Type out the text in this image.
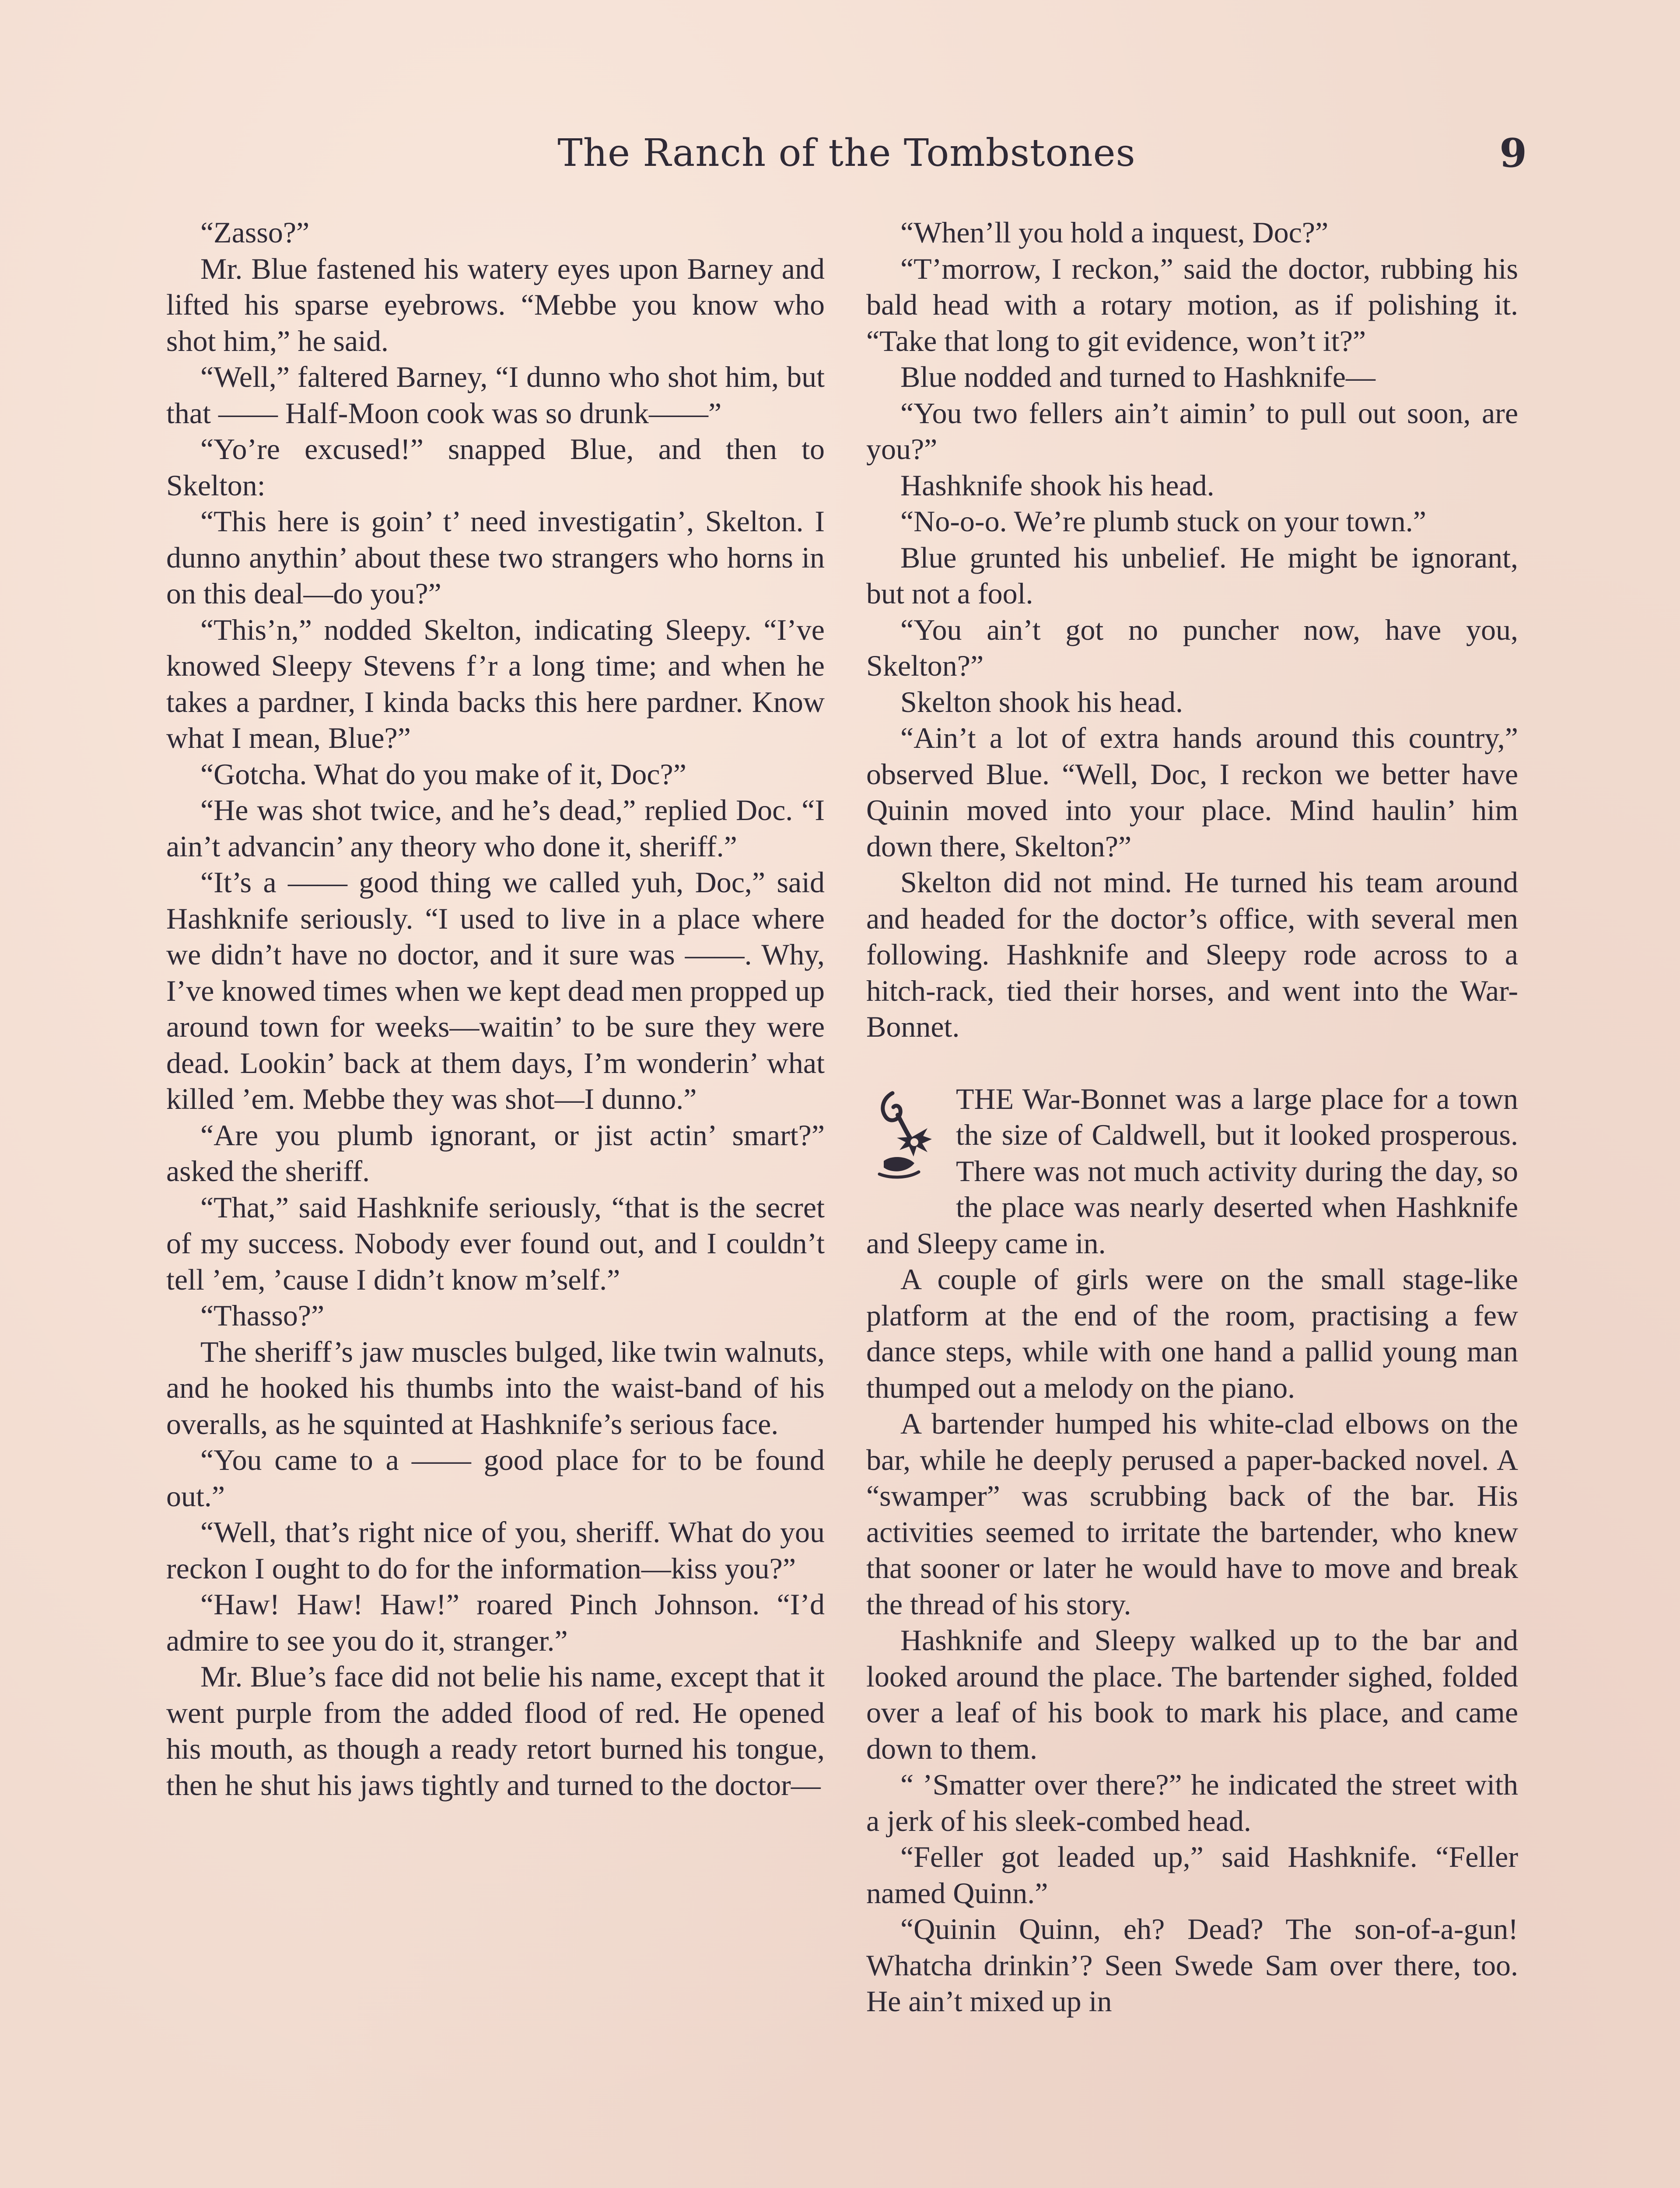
The Ranch of the Tombstones	9

“Zasso?”

Mr. Blue fastened his watery eyes upon Barney and lifted his sparse eyebrows. “Mebbe you know who shot him,” he said.

“Well,” faltered Barney, “I dunno who shot him, but that —— Half-Moon cook was so drunk——”

“Yo’re excused!” snapped Blue, and then to Skelton:

“This here is goin’ t’ need investigatin’, Skelton. I dunno anythin’ about these two strangers who horns in on this deal—do you?”

“This’n,” nodded Skelton, indicating Sleepy. “I’ve knowed Sleepy Stevens f’r a long time; and when he takes a pardner, I kinda backs this here pardner. Know what I mean, Blue?”

“Gotcha. What do you make of it, Doc?”

“He was shot twice, and he’s dead,” replied Doc. “I ain’t advancin’ any theory who done it, sheriff.”

“It’s a —— good thing we called yuh, Doc,” said Hashknife seriously. “I used to live in a place where we didn’t have no doctor, and it sure was ——. Why, I’ve knowed times when we kept dead men propped up around town for weeks—waitin’ to be sure they were dead. Lookin’ back at them days, I’m wonderin’ what killed ’em. Mebbe they was shot—I dunno.”

“Are you plumb ignorant, or jist actin’ smart?” asked the sheriff.

“That,” said Hashknife seriously, “that is the secret of my success. Nobody ever found out, and I couldn’t tell ’em, ’cause I didn’t know m’self.”

“Thasso?”

The sheriff’s jaw muscles bulged, like twin walnuts, and he hooked his thumbs into the waist-band of his overalls, as he squinted at Hashknife’s serious face.

“You came to a —— good place for to be found out.”

“Well, that’s right nice of you, sheriff. What do you reckon I ought to do for the information—kiss you?”

“Haw! Haw! Haw!” roared Pinch Johnson. “I’d admire to see you do it, stranger.”

Mr. Blue’s face did not belie his name, except that it went purple from the added flood of red. He opened his mouth, as though a ready retort burned his tongue, then he shut his jaws tightly and turned to the doctor—

“When’ll you hold a inquest, Doc?”

“T’morrow, I reckon,” said the doctor, rubbing his bald head with a rotary motion, as if polishing it. “Take that long to git evidence, won’t it?”

Blue nodded and turned to Hashknife—

“You two fellers ain’t aimin’ to pull out soon, are you?”

Hashknife shook his head.

“No-o-o. We’re plumb stuck on your town.”

Blue grunted his unbelief. He might be ignorant, but not a fool.

“You ain’t got no puncher now, have you, Skelton?”

Skelton shook his head.

“Ain’t a lot of extra hands around this country,” observed Blue. “Well, Doc, I reckon we better have Quinin moved into your place. Mind haulin’ him down there, Skelton?”

Skelton did not mind. He turned his team around and headed for the doctor’s office, with several men following. Hashknife and Sleepy rode across to a hitch-rack, tied their horses, and went into the War-Bonnet.

THE War-Bonnet was a large place for a town the size of Caldwell, but it looked prosperous. There was not much activity during the day, so the place was nearly deserted when Hashknife and Sleepy came in.

A couple of girls were on the small stage-like platform at the end of the room, practising a few dance steps, while with one hand a pallid young man thumped out a melody on the piano.

A bartender humped his white-clad elbows on the bar, while he deeply perused a paper-backed novel. A “swamper” was scrubbing back of the bar. His activities seemed to irritate the bartender, who knew that sooner or later he would have to move and break the thread of his story.

Hashknife and Sleepy walked up to the bar and looked around the place. The bartender sighed, folded over a leaf of his book to mark his place, and came down to them.

“ ’Smatter over there?” he indicated the street with a jerk of his sleek-combed head.

“Feller got leaded up,” said Hashknife. “Feller named Quinn.”

“Quinin Quinn, eh? Dead? The son-of-a-gun! Whatcha drinkin’? Seen Swede Sam over there, too. He ain’t mixed up in
